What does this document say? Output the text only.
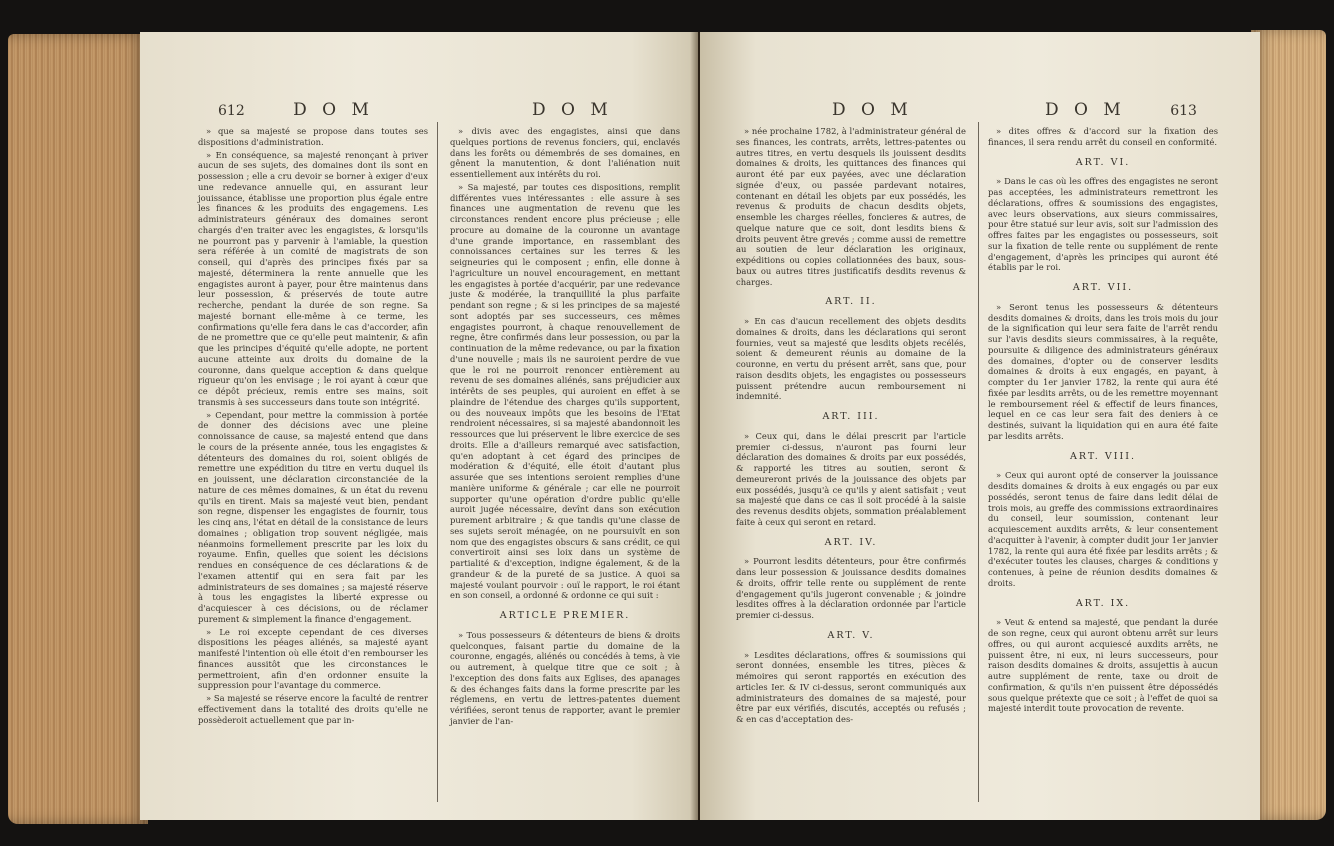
612	D O M	D O M

» que sa majesté se propose dans toutes ses dispositions d'administration.

» En conséquence, sa majesté renonçant à priver aucun de ses sujets, des domaines dont ils sont en possession ; elle a cru devoir se borner à exiger d'eux une redevance annuelle qui, en assurant leur jouissance, établisse une proportion plus égale entre les finances & les produits des engagemens. Les administrateurs généraux des domaines seront chargés d'en traiter avec les engagistes, & lorsqu'ils ne pourront pas y parvenir à l'amiable, la question sera référée à un comité de magistrats de son conseil, qui d'après des principes fixés par sa majesté, déterminera la rente annuelle que les engagistes auront à payer, pour être maintenus dans leur possession, & préservés de toute autre recherche, pendant la durée de son regne. Sa majesté bornant elle-même à ce terme, les confirmations qu'elle fera dans le cas d'accorder, afin de ne promettre que ce qu'elle peut maintenir, & afin que les principes d'équité qu'elle adopte, ne portent aucune atteinte aux droits du domaine de la couronne, dans quelque acception & dans quelque rigueur qu'on les envisage ; le roi ayant à cœur que ce dépôt précieux, remis entre ses mains, soit transmis à ses successeurs dans toute son intégrité.

» Cependant, pour mettre la commission à portée de donner des décisions avec une pleine connoissance de cause, sa majesté entend que dans le cours de la présente année, tous les engagistes & détenteurs des domaines du roi, soient obligés de remettre une expédition du titre en vertu duquel ils en jouissent, une déclaration circonstanciée de la nature de ces mêmes domaines, & un état du revenu qu'ils en tirent. Mais sa majesté veut bien, pendant son regne, dispenser les engagistes de fournir, tous les cinq ans, l'état en détail de la consistance de leurs domaines ; obligation trop souvent négligée, mais néanmoins formellement prescrite par les loix du royaume. Enfin, quelles que soient les décisions rendues en conséquence de ces déclarations & de l'examen attentif qui en sera fait par les administrateurs de ses domaines ; sa majesté réserve à tous les engagistes la liberté expresse ou d'acquiescer à ces décisions, ou de réclamer purement & simplement la finance d'engagement.

» Le roi excepte cependant de ces diverses dispositions les péages aliénés, sa majesté ayant manifesté l'intention où elle étoit d'en rembourser les finances aussitôt que les circonstances le permettroient, afin d'en ordonner ensuite la suppression pour l'avantage du commerce.

» Sa majesté se réserve encore la faculté de rentrer effectivement dans la totalité des droits qu'elle ne possèderoit actuellement que par in-

» divis avec des engagistes, ainsi que dans quelques portions de revenus fonciers, qui, enclavés dans les forêts ou démembrés de ses domaines, en gênent la manutention, & dont l'aliénation nuit essentiellement aux intérêts du roi.

» Sa majesté, par toutes ces dispositions, remplit différentes vues intéressantes : elle assure à ses finances une augmentation de revenu que les circonstances rendent encore plus précieuse ; elle procure au domaine de la couronne un avantage d'une grande importance, en rassemblant des connoissances certaines sur les terres & les seigneuries qui le composent ; enfin, elle donne à l'agriculture un nouvel encouragement, en mettant les engagistes à portée d'acquérir, par une redevance juste & modérée, la tranquillité la plus parfaite pendant son regne ; & si les principes de sa majesté sont adoptés par ses successeurs, ces mêmes engagistes pourront, à chaque renouvellement de regne, être confirmés dans leur possession, ou par la continuation de la même redevance, ou par la fixation d'une nouvelle ; mais ils ne sauroient perdre de vue que le roi ne pourroit renoncer entièrement au revenu de ses domaines aliénés, sans préjudicier aux intérêts de ses peuples, qui auroient en effet à se plaindre de l'étendue des charges qu'ils supportent, ou des nouveaux impôts que les besoins de l'Etat rendroient nécessaires, si sa majesté abandonnoit les ressources que lui préservent le libre exercice de ses droits. Elle a d'ailleurs remarqué avec satisfaction, qu'en adoptant à cet égard des principes de modération & d'équité, elle étoit d'autant plus assurée que ses intentions seroient remplies d'une manière uniforme & générale ; car elle ne pourroit supporter qu'une opération d'ordre public qu'elle auroit jugée nécessaire, devînt dans son exécution purement arbitraire ; & que tandis qu'une classe de ses sujets seroit ménagée, on ne poursuivît en son nom que des engagistes obscurs & sans crédit, ce qui convertiroit ainsi ses loix dans un système de partialité & d'exception, indigne également, & de la grandeur & de la pureté de sa justice. A quoi sa majesté voulant pourvoir : ouï le rapport, le roi étant en son conseil, a ordonné & ordonne ce qui suit :

ARTICLE PREMIER.

» Tous possesseurs & détenteurs de biens & droits quelconques, faisant partie du domaine de la couronne, engagés, aliénés ou concédés à tems, à vie ou autrement, à quelque titre que ce soit ; à l'exception des dons faits aux Eglises, des apanages & des échanges faits dans la forme prescrite par les réglemens, en vertu de lettres-patentes duement vérifiées, seront tenus de rapporter, avant le premier janvier de l'an-

D O M	D O M	613

» née prochaine 1782, à l'administrateur général de ses finances, les contrats, arrêts, lettres-patentes ou autres titres, en vertu desquels ils jouissent desdits domaines & droits, les quittances des finances qui auront été par eux payées, avec une déclaration signée d'eux, ou passée pardevant notaires, contenant en détail les objets par eux possédés, les revenus & produits de chacun desdits objets, ensemble les charges réelles, foncieres & autres, de quelque nature que ce soit, dont lesdits biens & droits peuvent être grevés ; comme aussi de remettre au soutien de leur déclaration les originaux, expéditions ou copies collationnées des baux, sous-baux ou autres titres justificatifs desdits revenus & charges.

ART. II.

» En cas d'aucun recellement des objets desdits domaines & droits, dans les déclarations qui seront fournies, veut sa majesté que lesdits objets recélés, soient & demeurent réunis au domaine de la couronne, en vertu du présent arrêt, sans que, pour raison desdits objets, les engagistes ou possesseurs puissent prétendre aucun remboursement ni indemnité.

ART. III.

» Ceux qui, dans le délai prescrit par l'article premier ci-dessus, n'auront pas fourni leur déclaration des domaines & droits par eux possédés, & rapporté les titres au soutien, seront & demeureront privés de la jouissance des objets par eux possédés, jusqu'à ce qu'ils y aient satisfait ; veut sa majesté que dans ce cas il soit procédé à la saisie des revenus desdits objets, sommation préalablement faite à ceux qui seront en retard.

ART. IV.

» Pourront lesdits détenteurs, pour être confirmés dans leur possession & jouissance desdits domaines & droits, offrir telle rente ou supplément de rente d'engagement qu'ils jugeront convenable ; & joindre lesdites offres à la déclaration ordonnée par l'article premier ci-dessus.

ART. V.

» Lesdites déclarations, offres & soumissions qui seront données, ensemble les titres, pièces & mémoires qui seront rapportés en exécution des articles Ier. & IV ci-dessus, seront communiqués aux administrateurs des domaines de sa majesté, pour être par eux vérifiés, discutés, acceptés ou refusés ; & en cas d'acceptation des-

» dites offres & d'accord sur la fixation des finances, il sera rendu arrêt du conseil en conformité.

ART. VI.

» Dans le cas où les offres des engagistes ne seront pas acceptées, les administrateurs remettront les déclarations, offres & soumissions des engagistes, avec leurs observations, aux sieurs commissaires, pour être statué sur leur avis, soit sur l'admission des offres faites par les engagistes ou possesseurs, soit sur la fixation de telle rente ou supplément de rente d'engagement, d'après les principes qui auront été établis par le roi.

ART. VII.

» Seront tenus les possesseurs & détenteurs desdits domaines & droits, dans les trois mois du jour de la signification qui leur sera faite de l'arrêt rendu sur l'avis desdits sieurs commissaires, à la requête, poursuite & diligence des administrateurs généraux des domaines, d'opter ou de conserver lesdits domaines & droits à eux engagés, en payant, à compter du 1er janvier 1782, la rente qui aura été fixée par lesdits arrêts, ou de les remettre moyennant le remboursement réel & effectif de leurs finances, lequel en ce cas leur sera fait des deniers à ce destinés, suivant la liquidation qui en aura été faite par lesdits arrêts.

ART. VIII.

» Ceux qui auront opté de conserver la jouissance desdits domaines & droits à eux engagés ou par eux possédés, seront tenus de faire dans ledit délai de trois mois, au greffe des commissions extraordinaires du conseil, leur soumission, contenant leur acquiescement auxdits arrêts, & leur consentement d'acquitter à l'avenir, à compter dudit jour 1er janvier 1782, la rente qui aura été fixée par lesdits arrêts ; & d'exécuter toutes les clauses, charges & conditions y contenues, à peine de réunion desdits domaines & droits.

ART. IX.

» Veut & entend sa majesté, que pendant la durée de son regne, ceux qui auront obtenu arrêt sur leurs offres, ou qui auront acquiescé auxdits arrêts, ne puissent être, ni eux, ni leurs successeurs, pour raison desdits domaines & droits, assujettis à aucun autre supplément de rente, taxe ou droit de confirmation, & qu'ils n'en puissent être dépossédés sous quelque prétexte que ce soit ; à l'effet de quoi sa majesté interdit toute provocation de revente.
